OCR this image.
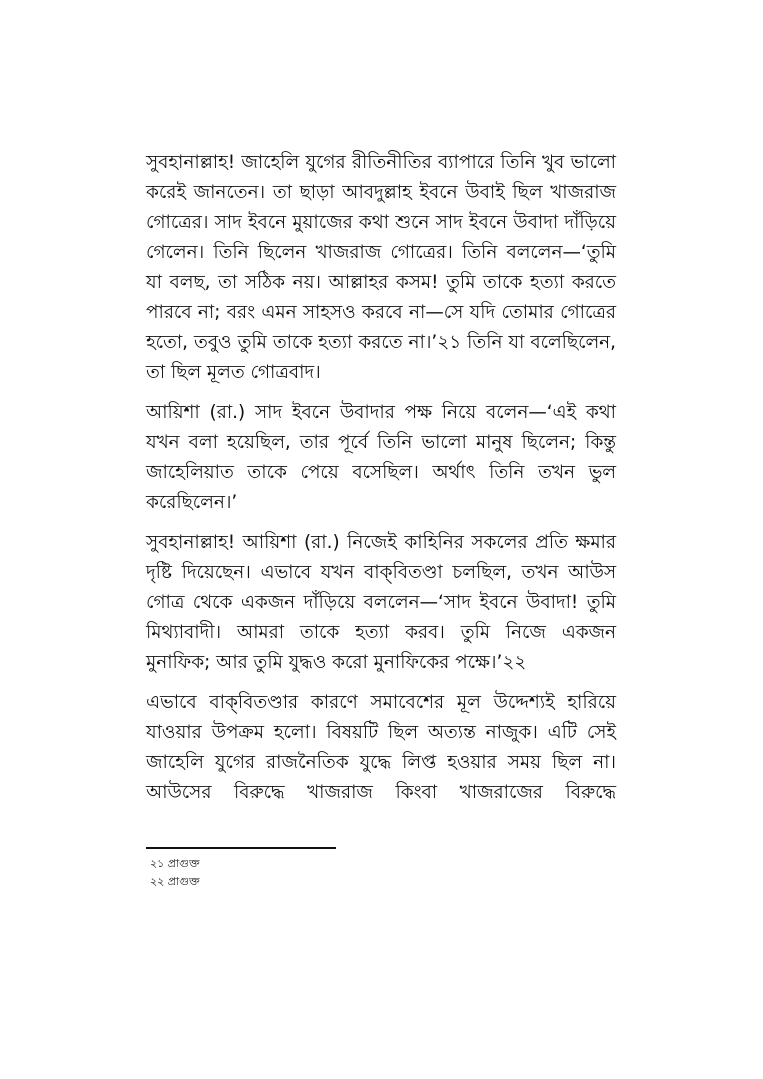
সুবহানাল্লাহ! জাহেলি যুগের রীতিনীতির ব্যাপারে তিনি খুব ভালো করেই জানতেন। তা ছাড়া আবদুল্লাহ ইবনে উবাই ছিল খাজরাজ গোত্রের। সাদ ইবনে মুয়াজের কথা শুনে সাদ ইবনে উবাদা দাঁড়িয়ে গেলেন। তিনি ছিলেন খাজরাজ গোত্রের। তিনি বললেন—‘তুমি যা বলছ, তা সঠিক নয়। আল্লাহর কসম! তুমি তাকে হত্যা করতে পারবে না; বরং এমন সাহসও করবে না—সে যদি তোমার গোত্রের হতো, তবুও তুমি তাকে হত্যা করতে না।’২১ তিনি যা বলেছিলেন, তা ছিল মূলত গোত্রবাদ।

আয়িশা (রা.) সাদ ইবনে উবাদার পক্ষ নিয়ে বলেন—‘এই কথা যখন বলা হয়েছিল, তার পূর্বে তিনি ভালো মানুষ ছিলেন; কিন্তু জাহেলিয়াত তাকে পেয়ে বসেছিল। অর্থাৎ তিনি তখন ভুল করেছিলেন।’

সুবহানাল্লাহ! আয়িশা (রা.) নিজেই কাহিনির সকলের প্রতি ক্ষমার দৃষ্টি দিয়েছেন। এভাবে যখন বাক্‌বিতণ্ডা চলছিল, তখন আউস গোত্র থেকে একজন দাঁড়িয়ে বললেন—‘সাদ ইবনে উবাদা! তুমি মিথ্যাবাদী। আমরা তাকে হত্যা করব। তুমি নিজে একজন মুনাফিক; আর তুমি যুদ্ধও করো মুনাফিকের পক্ষে।’২২

এভাবে বাক্‌বিতণ্ডার কারণে সমাবেশের মূল উদ্দেশ্যই হারিয়ে যাওয়ার উপক্রম হলো। বিষয়টি ছিল অত্যন্ত নাজুক। এটি সেই জাহেলি যুগের রাজনৈতিক যুদ্ধে লিপ্ত হওয়ার সময় ছিল না। আউসের বিরুদ্ধে খাজরাজ কিংবা খাজরাজের বিরুদ্ধে

২১ প্রাগুক্ত

২২ প্রাগুক্ত
